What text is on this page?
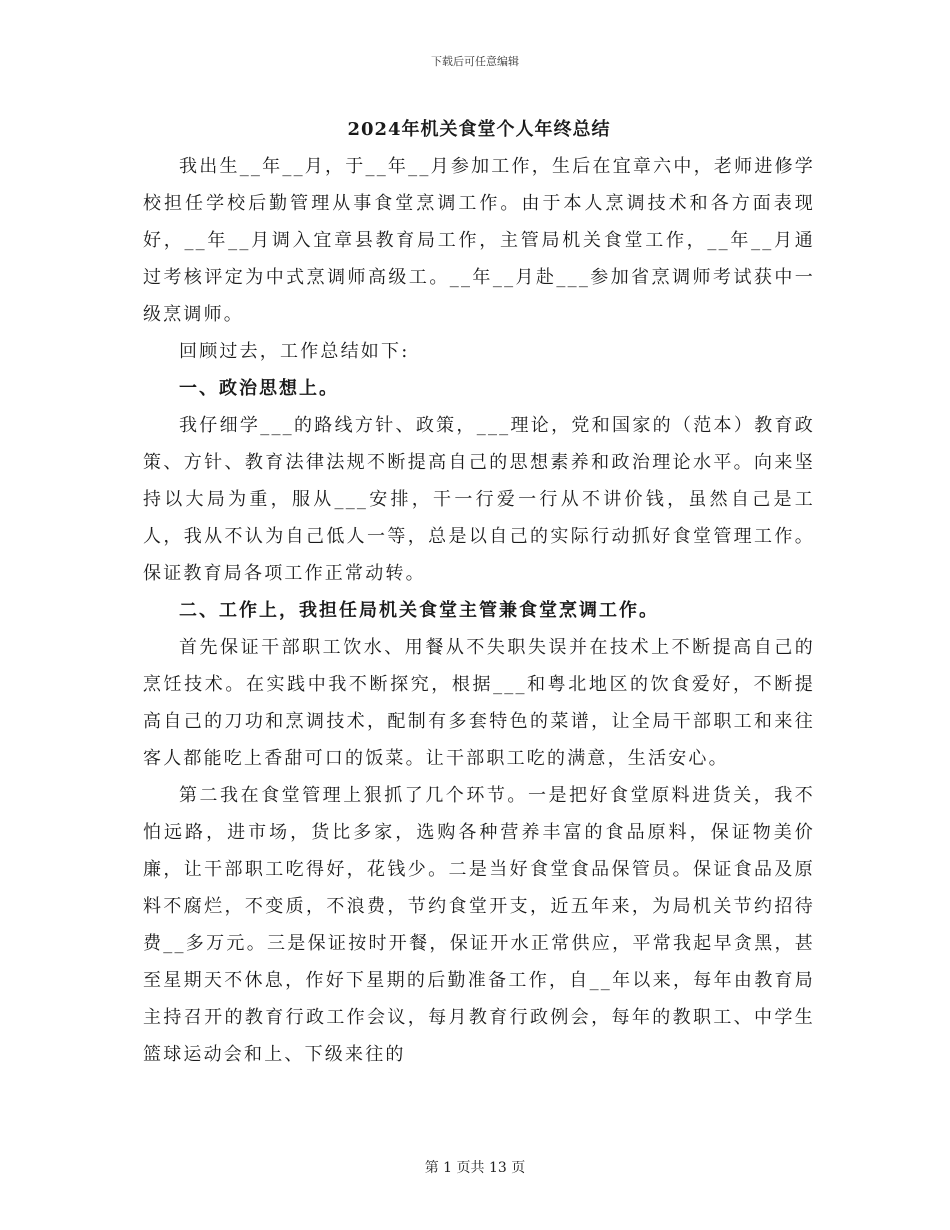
下载后可任意编辑
2024年机关食堂个人年终总结

我出生__年__月，于__年__月参加工作，生后在宜章六中，老师进修学校担任学校后勤管理从事食堂烹调工作。由于本人烹调技术和各方面表现好，__年__月调入宜章县教育局工作，主管局机关食堂工作，__年__月通过考核评定为中式烹调师高级工。__年__月赴___参加省烹调师考试获中一级烹调师。

回顾过去，工作总结如下:

一、政治思想上。

我仔细学___的路线方针、政策，___理论，党和国家的（范本）教育政策、方针、教育法律法规不断提高自己的思想素养和政治理论水平。向来坚持以大局为重，服从___安排，干一行爱一行从不讲价钱，虽然自己是工人，我从不认为自己低人一等，总是以自己的实际行动抓好食堂管理工作。保证教育局各项工作正常动转。

二、工作上，我担任局机关食堂主管兼食堂烹调工作。

首先保证干部职工饮水、用餐从不失职失误并在技术上不断提高自己的烹饪技术。在实践中我不断探究，根据___和粤北地区的饮食爱好，不断提高自己的刀功和烹调技术，配制有多套特色的菜谱，让全局干部职工和来往客人都能吃上香甜可口的饭菜。让干部职工吃的满意，生活安心。

第二我在食堂管理上狠抓了几个环节。一是把好食堂原料进货关，我不怕远路，进市场，货比多家，选购各种营养丰富的食品原料，保证物美价廉，让干部职工吃得好，花钱少。二是当好食堂食品保管员。保证食品及原料不腐烂，不变质，不浪费，节约食堂开支，近五年来，为局机关节约招待费__多万元。三是保证按时开餐，保证开水正常供应，平常我起早贪黑，甚至星期天不休息，作好下星期的后勤准备工作，自__年以来，每年由教育局主持召开的教育行政工作会议，每月教育行政例会，每年的教职工、中学生篮球运动会和上、下级来往的

第 1 页共 13 页
